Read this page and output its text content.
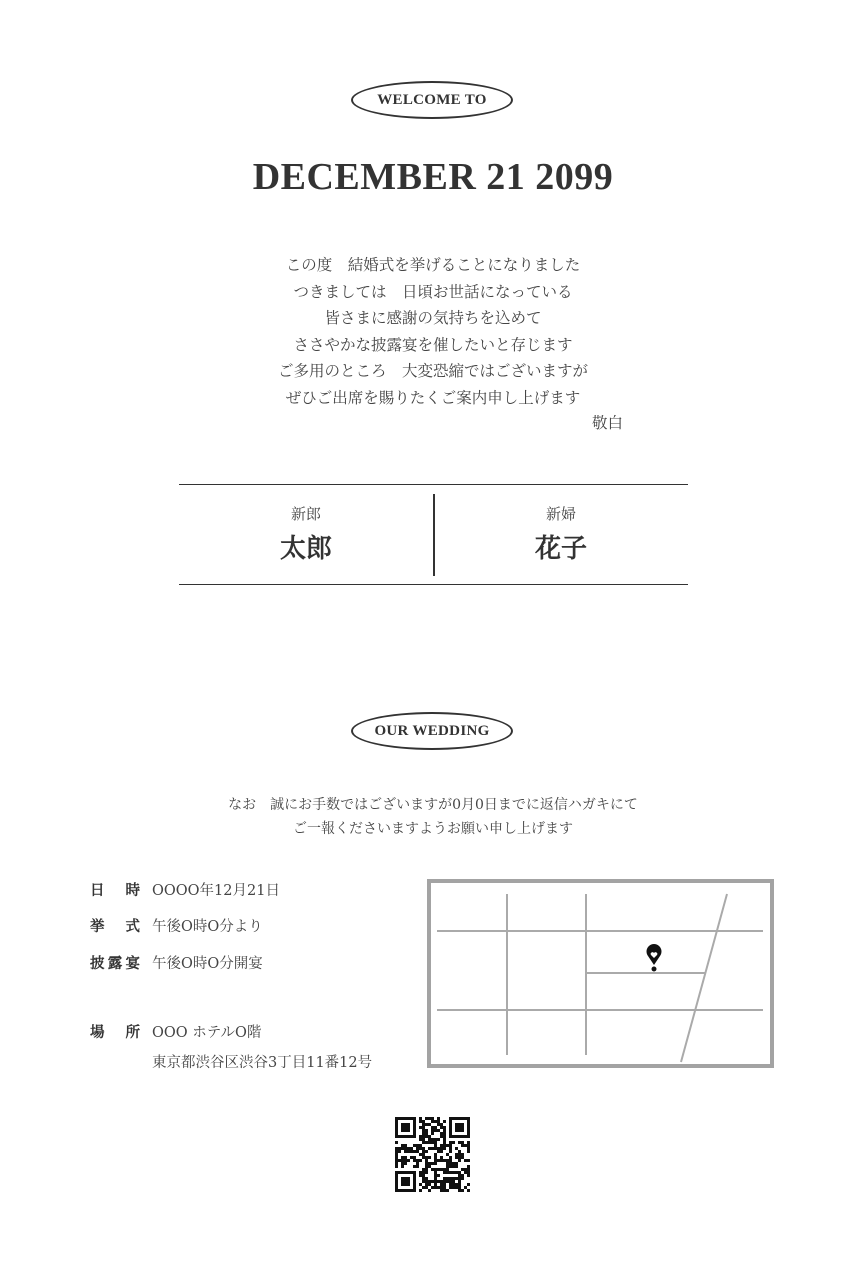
WELCOME TO
DECEMBER 21 2099
この度　結婚式を挙げることになりました
つきましては　日頃お世話になっている
皆さまに感謝の気持ちを込めて
ささやかな披露宴を催したいと存じます
ご多用のところ　大変恐縮ではございますが
ぜひご出席を賜りたくご案内申し上げます
敬白
新郎
太郎
新婦
花子
OUR WEDDING
なお　誠にお手数ではございますが0月0日までに返信ハガキにて
ご一報くださいますようお願い申し上げます
日　時 OOOO年12月21日
挙　式 午後O時O分より
披露宴 午後O時O分開宴
場　所 OOO ホテルO階
東京都渋谷区渋谷3丁目11番12号
